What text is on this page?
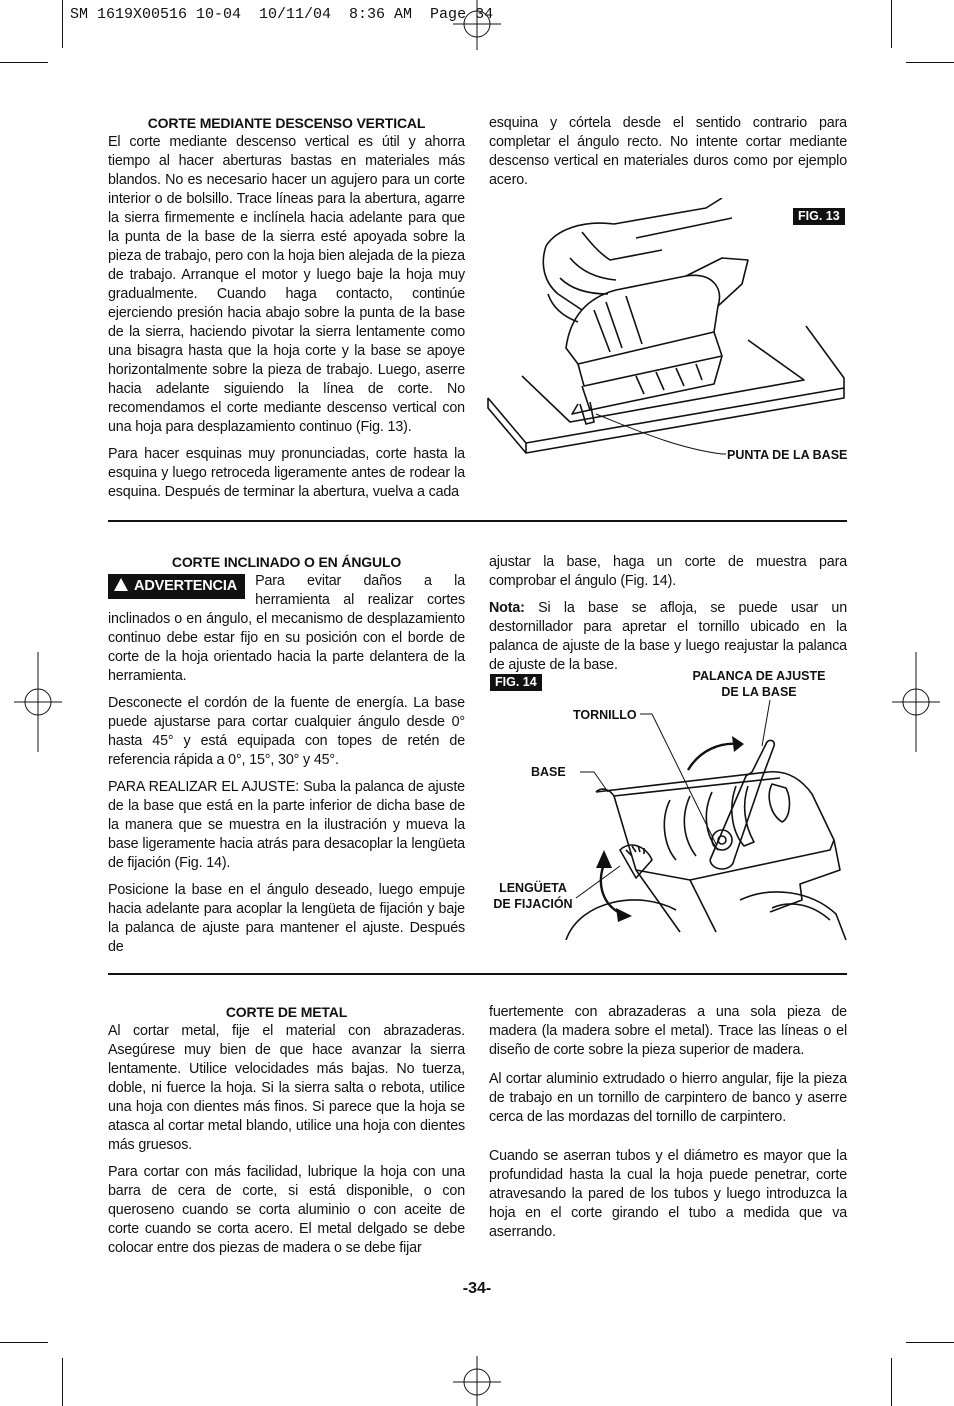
SM 1619X00516 10-04  10/11/04  8:36 AM  Page 34
CORTE MEDIANTE DESCENSO VERTICAL

El corte mediante descenso vertical es útil y ahorra tiempo al hacer aberturas bastas en materiales más blandos. No es necesario hacer un agujero para un corte interior o de bolsillo. Trace líneas para la abertura, agarre la sierra firmemente e inclínela hacia adelante para que la punta de la base de la sierra esté apoyada sobre la pieza de trabajo, pero con la hoja bien alejada de la pieza de trabajo. Arranque el motor y luego baje la hoja muy gradualmente. Cuando haga contacto, continúe ejerciendo presión hacia abajo sobre la punta de la base de la sierra, haciendo pivotar la sierra lentamente como una bisagra hasta que la hoja corte y la base se apoye horizontalmente sobre la pieza de trabajo. Luego, aserre hacia adelante siguiendo la línea de corte. No recomendamos el corte mediante descenso vertical con una hoja para desplazamiento continuo (Fig. 13).

Para hacer esquinas muy pronunciadas, corte hasta la esquina y luego retroceda ligeramente antes de rodear la esquina. Después de terminar la abertura, vuelva a cada

esquina y córtela desde el sentido contrario para completar el ángulo recto. No intente cortar mediante descenso vertical en materiales duros como por ejemplo acero.

FIG. 13
PUNTA DE LA BASE
CORTE INCLINADO O EN ÁNGULO

ADVERTENCIA	Para evitar daños a la herramienta al realizar cortes inclinados o en ángulo, el mecanismo de desplazamiento continuo debe estar fijo en su posición con el borde de corte de la hoja orientado hacia la parte delantera de la herramienta.

Desconecte el cordón de la fuente de energía. La base puede ajustarse para cortar cualquier ángulo desde 0° hasta 45° y está equipada con topes de retén de referencia rápida a 0°, 15°, 30° y 45°.

PARA REALIZAR EL AJUSTE: Suba la palanca de ajuste de la base que está en la parte inferior de dicha base de la manera que se muestra en la ilustración y mueva la base ligeramente hacia atrás para desacoplar la lengüeta de fijación (Fig. 14).

Posicione la base en el ángulo deseado, luego empuje hacia adelante para acoplar la lengüeta de fijación y baje la palanca de ajuste para mantener el ajuste. Después de

ajustar la base, haga un corte de muestra para comprobar el ángulo (Fig. 14).

Nota: Si la base se afloja, se puede usar un destornillador para apretar el tornillo ubicado en la palanca de ajuste de la base y luego reajustar la palanca de ajuste de la base.

FIG. 14	PALANCA DE AJUSTE
DE LA BASE
TORNILLO
BASE
LENGÜETA
DE FIJACIÓN
CORTE DE METAL

Al cortar metal, fije el material con abrazaderas. Asegúrese muy bien de que hace avanzar la sierra lentamente. Utilice velocidades más bajas. No tuerza, doble, ni fuerce la hoja. Si la sierra salta o rebota, utilice una hoja con dientes más finos. Si parece que la hoja se atasca al cortar metal blando, utilice una hoja con dientes más gruesos.

Para cortar con más facilidad, lubrique la hoja con una barra de cera de corte, si está disponible, o con queroseno cuando se corta aluminio o con aceite de corte cuando se corta acero. El metal delgado se debe colocar entre dos piezas de madera o se debe fijar

fuertemente con abrazaderas a una sola pieza de madera (la madera sobre el metal). Trace las líneas o el diseño de corte sobre la pieza superior de madera.

Al cortar aluminio extrudado o hierro angular, fije la pieza de trabajo en un tornillo de carpintero de banco y aserre cerca de las mordazas del tornillo de carpintero.

Cuando se aserran tubos y el diámetro es mayor que la profundidad hasta la cual la hoja puede penetrar, corte atravesando la pared de los tubos y luego introduzca la hoja en el corte girando el tubo a medida que va aserrando.

-34-
